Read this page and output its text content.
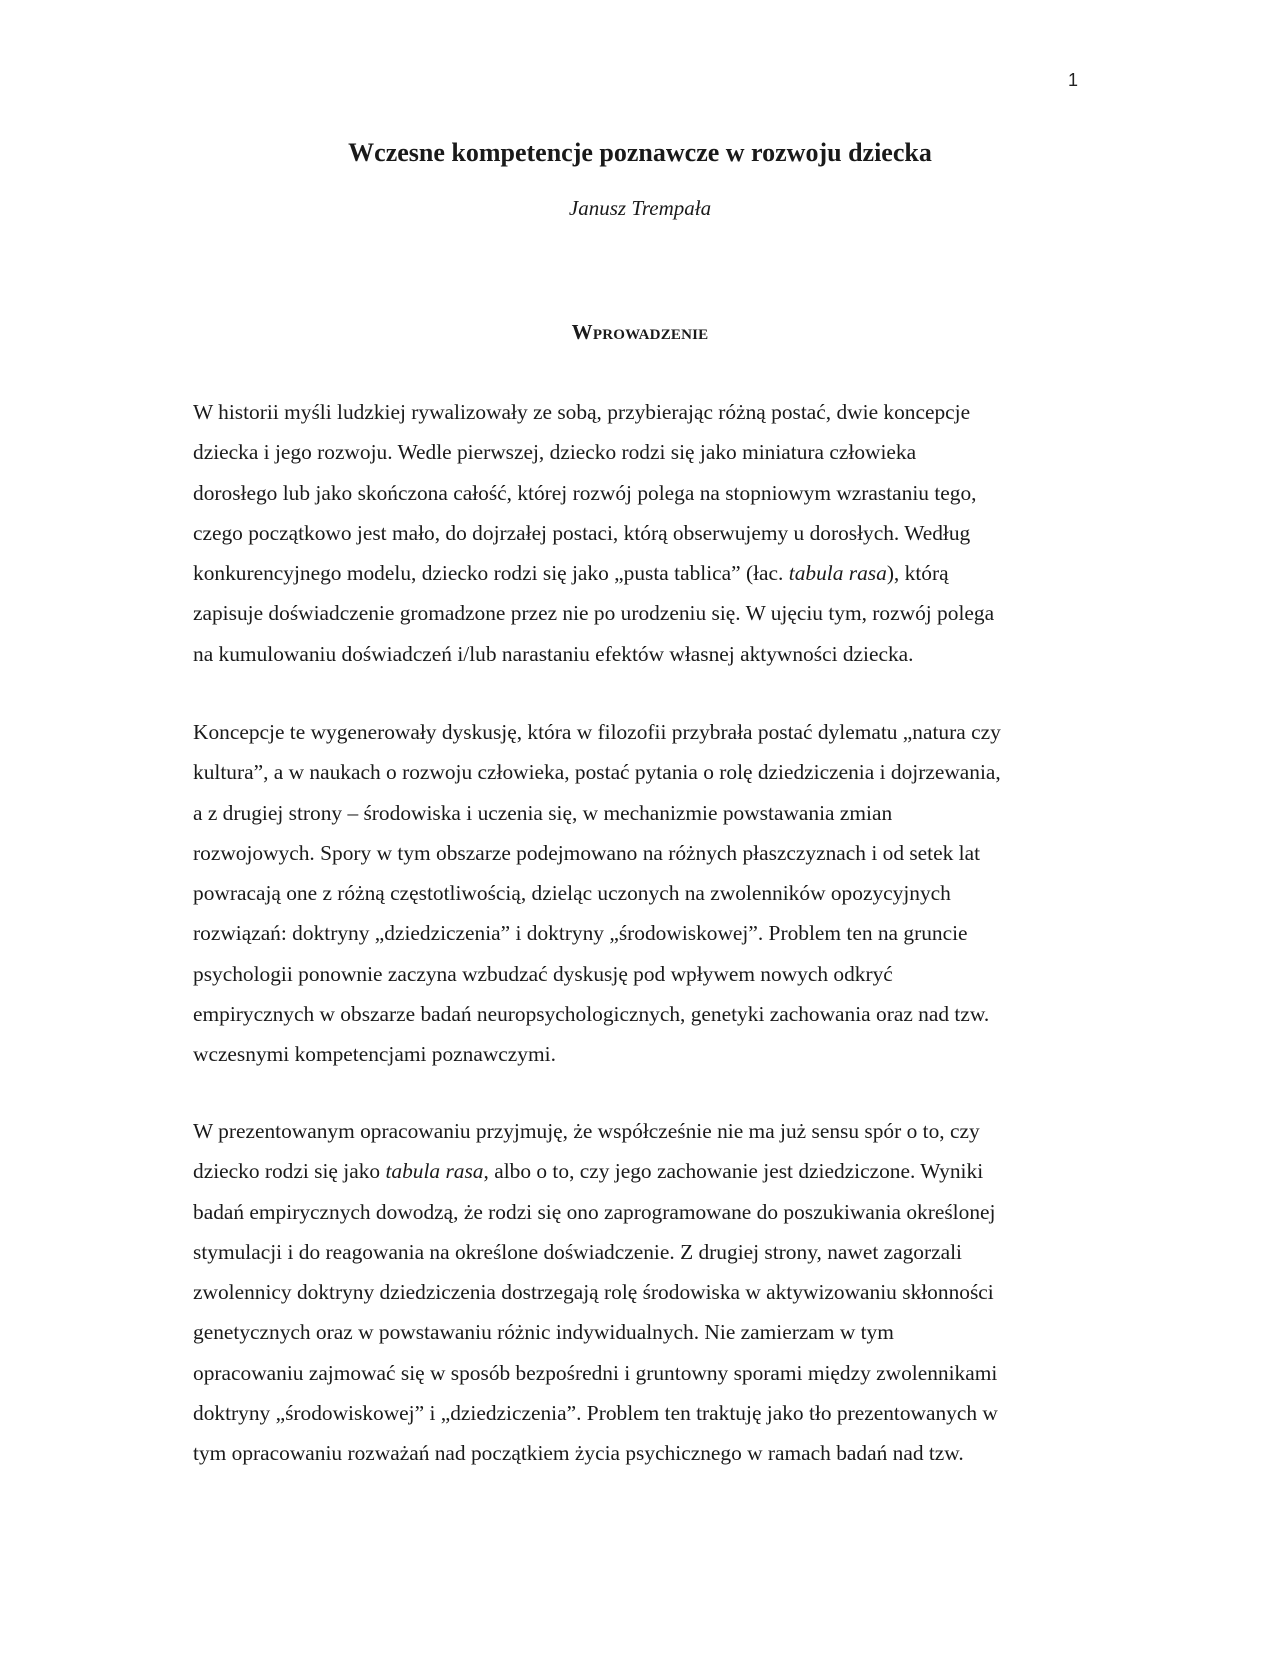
1
Wczesne kompetencje poznawcze w rozwoju dziecka

Janusz Trempała

Wprowadzenie

W historii myśli ludzkiej rywalizowały ze sobą, przybierając różną postać, dwie koncepcje
dziecka i jego rozwoju. Wedle pierwszej, dziecko rodzi się jako miniatura człowieka
dorosłego lub jako skończona całość, której rozwój polega na stopniowym wzrastaniu tego,
czego początkowo jest mało, do dojrzałej postaci, którą obserwujemy u dorosłych. Według
konkurencyjnego modelu, dziecko rodzi się jako „pusta tablica” (łac. tabula rasa), którą
zapisuje doświadczenie gromadzone przez nie po urodzeniu się. W ujęciu tym, rozwój polega
na kumulowaniu doświadczeń i/lub narastaniu efektów własnej aktywności dziecka.

Koncepcje te wygenerowały dyskusję, która w filozofii przybrała postać dylematu „natura czy
kultura”, a w naukach o rozwoju człowieka, postać pytania o rolę dziedziczenia i dojrzewania,
a z drugiej strony – środowiska i uczenia się, w mechanizmie powstawania zmian
rozwojowych. Spory w tym obszarze podejmowano na różnych płaszczyznach i od setek lat
powracają one z różną częstotliwością, dzieląc uczonych na zwolenników opozycyjnych
rozwiązań: doktryny „dziedziczenia” i doktryny „środowiskowej”. Problem ten na gruncie
psychologii ponownie zaczyna wzbudzać dyskusję pod wpływem nowych odkryć
empirycznych w obszarze badań neuropsychologicznych, genetyki zachowania oraz nad tzw.
wczesnymi kompetencjami poznawczymi.

W prezentowanym opracowaniu przyjmuję, że współcześnie nie ma już sensu spór o to, czy
dziecko rodzi się jako tabula rasa, albo o to, czy jego zachowanie jest dziedziczone. Wyniki
badań empirycznych dowodzą, że rodzi się ono zaprogramowane do poszukiwania określonej
stymulacji i do reagowania na określone doświadczenie. Z drugiej strony, nawet zagorzali
zwolennicy doktryny dziedziczenia dostrzegają rolę środowiska w aktywizowaniu skłonności
genetycznych oraz w powstawaniu różnic indywidualnych. Nie zamierzam w tym
opracowaniu zajmować się w sposób bezpośredni i gruntowny sporami między zwolennikami
doktryny „środowiskowej” i „dziedziczenia”. Problem ten traktuję jako tło prezentowanych w
tym opracowaniu rozważań nad początkiem życia psychicznego w ramach badań nad tzw.
